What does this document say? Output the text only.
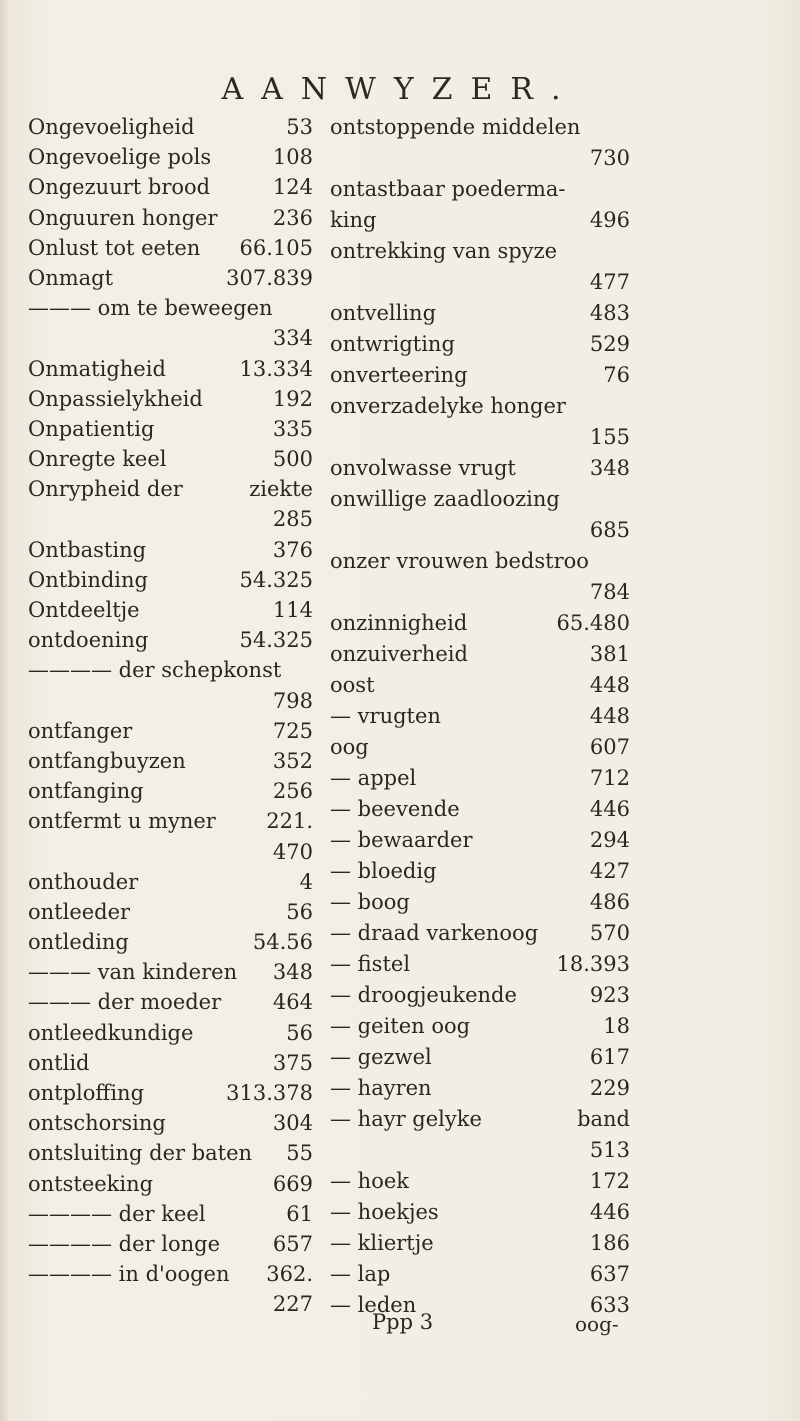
AANWYZER.
Ongevoeligheid	53
Ongevoelige pols	108
Ongezuurt brood	124
Onguuren honger	236
Onlust tot eeten 66.105
Onmagt	307.839
——— om te beweegen
334
Onmatigheid	13.334
Onpassielykheid	192
Onpatientig	335
Onregte keel	500
Onrypheid der	ziekte
285
Ontbasting	376
Ontbinding	54.325
Ontdeeltje	114
ontdoening	54.325
———— der schepkonst
798
ontfanger	725
ontfangbuyzen	352
ontfanging	256
ontfermt u myner 221.
470
onthouder	4
ontleeder	56
ontleding	54.56
——— van kinderen 348
——— der moeder 464
ontleedkundige	56
ontlid	375
ontploffing	313.378
ontschorsing	304
ontsluiting der baten 55
ontsteeking	669
———— der keel	61
———— der longe	657
———— in d'oogen 362.
227
ontstoppende middelen
730
ontastbaar poederma-
king	496
ontrekking van spyze
477
ontvelling	483
ontwrigting	529
onverteering	76
onverzadelyke honger
155
onvolwasse vrugt	348
onwillige zaadloozing
685
onzer vrouwen bedstroo
784
onzinnigheid	65.480
onzuiverheid	381
oost	448
— vrugten	448
oog	607
— appel	712
— beevende	446
— bewaarder	294
— bloedig	427
— boog	486
— draad varkenoog 570
— fistel	18.393
— droogjeukende	923
— geiten oog	18
— gezwel	617
— hayren	229
— hayr gelyke	band
513
— hoek	172
— hoekjes	446
— kliertje	186
— lap	637
— leden	633
Ppp 3	oog-
